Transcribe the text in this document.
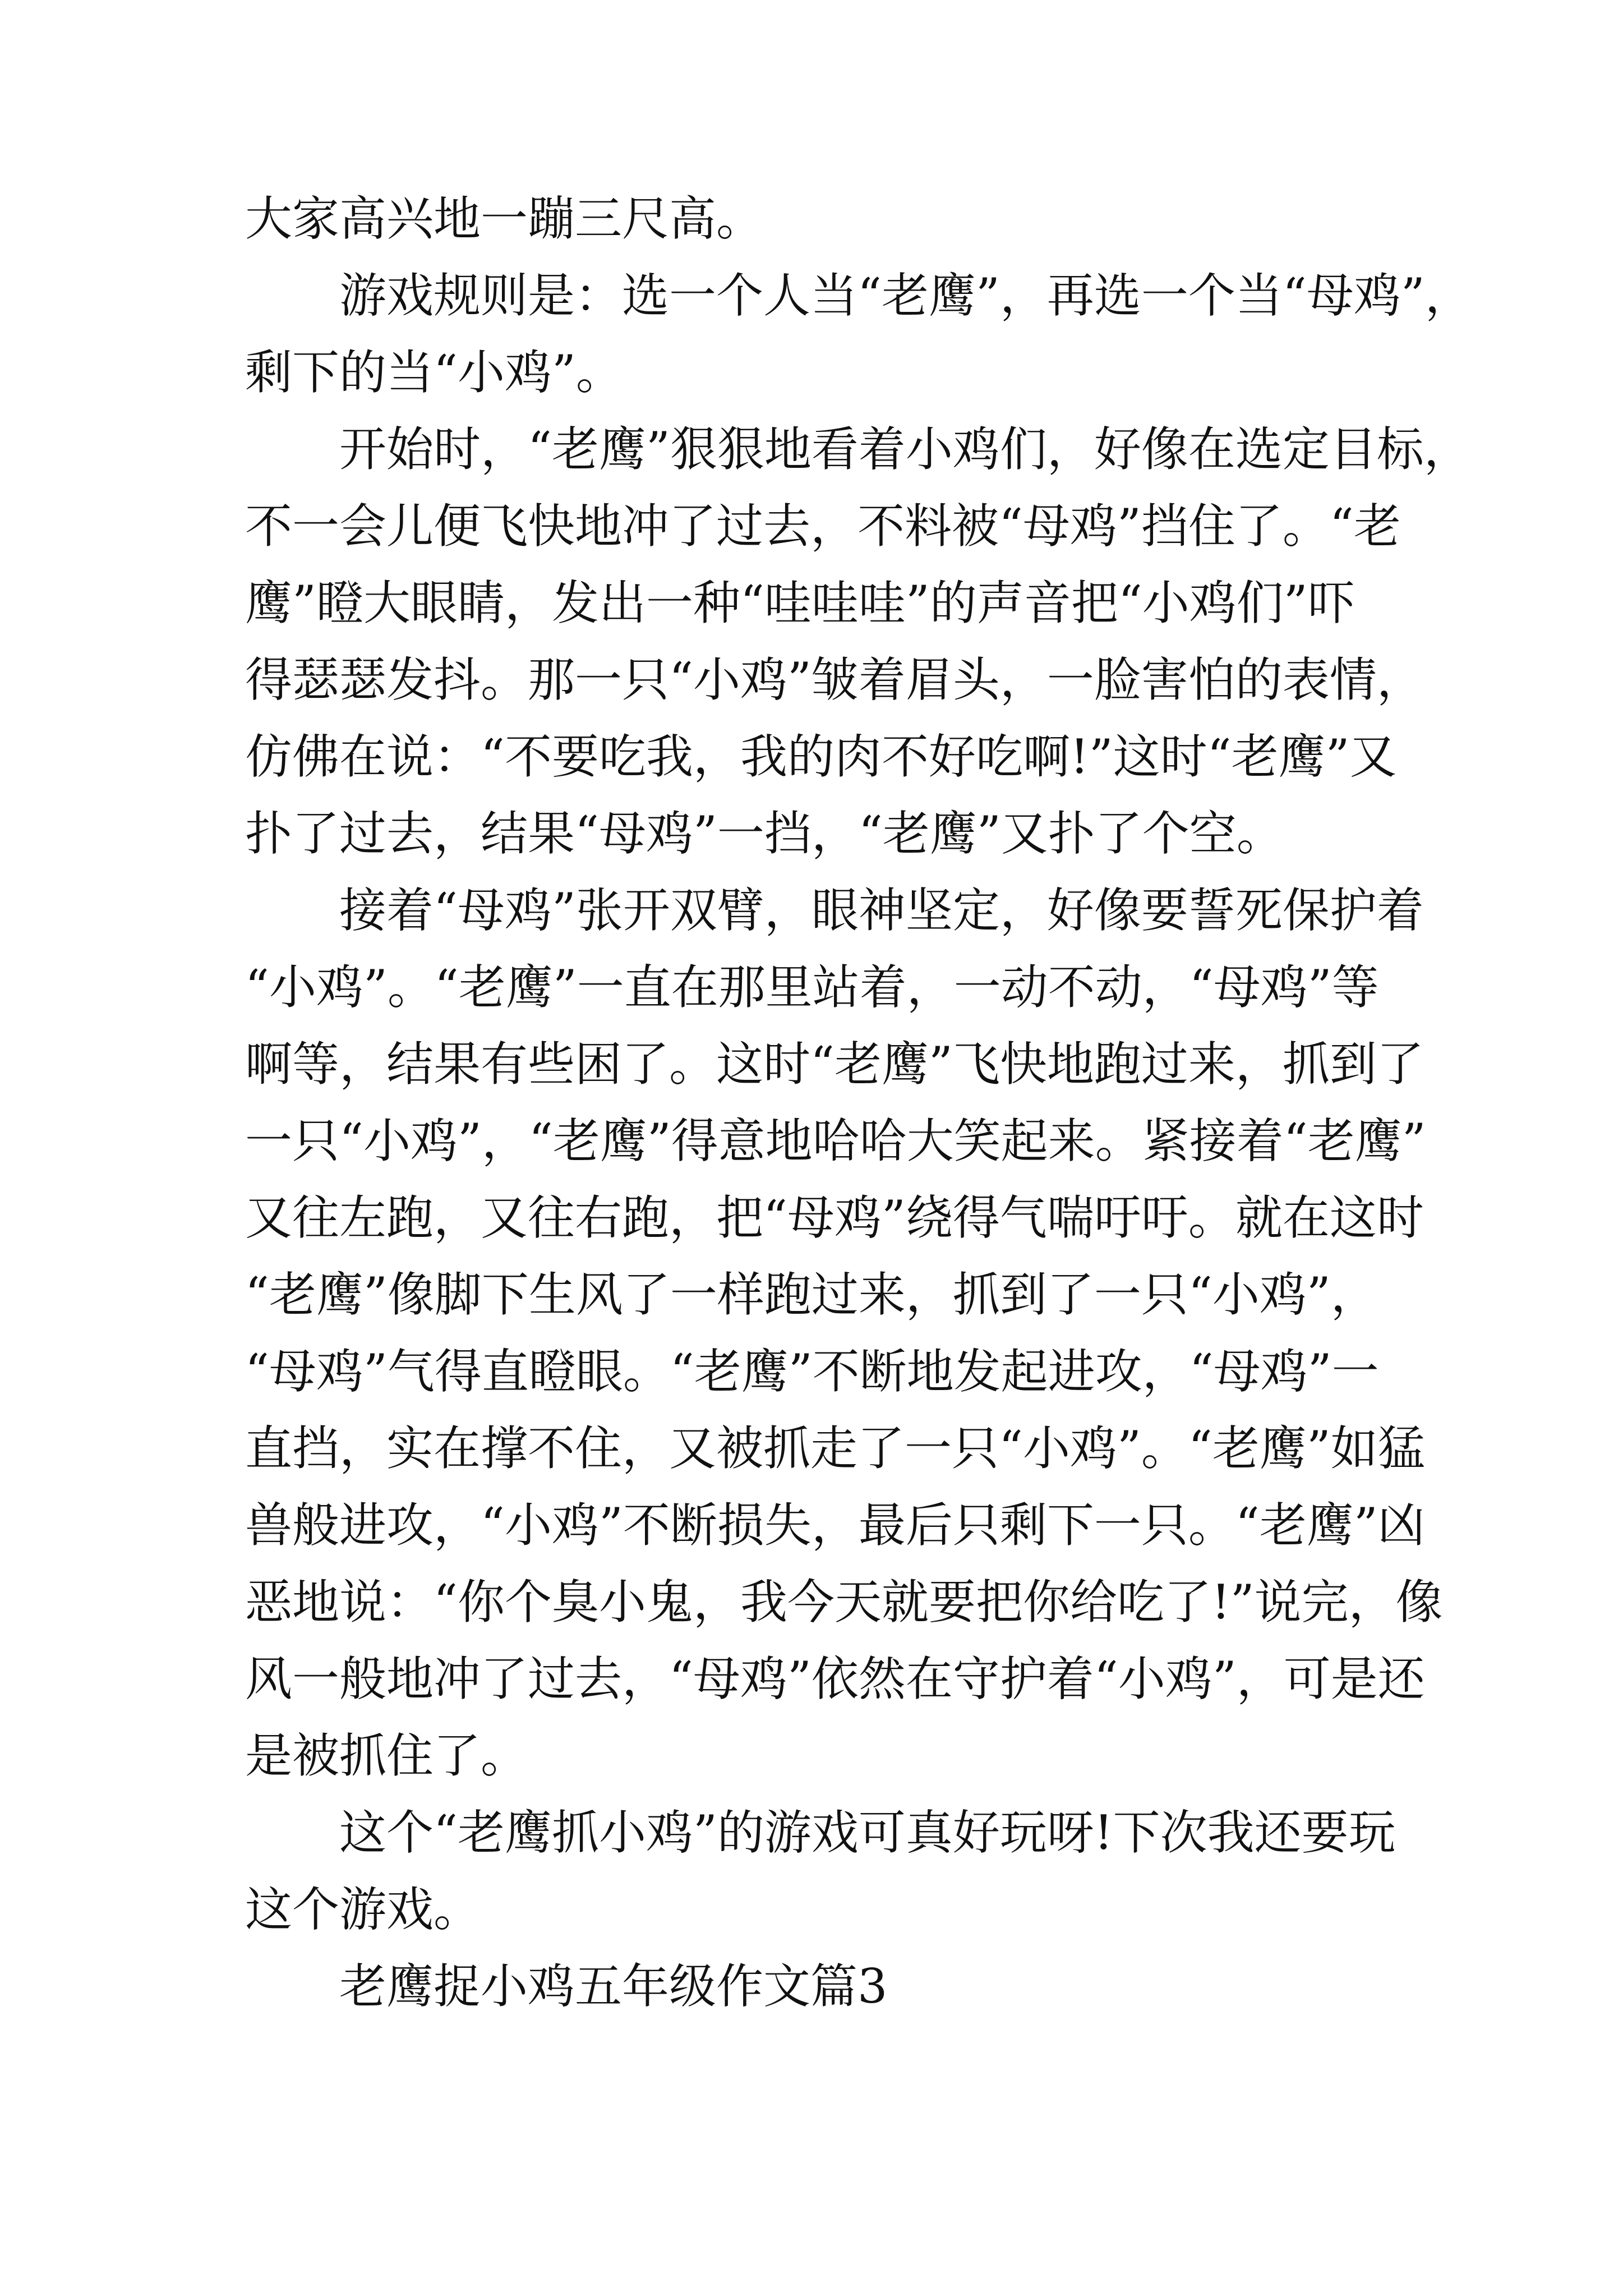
大家高兴地一蹦三尺高。
游戏规则是：选一个人当“老鹰”，再选一个当“母鸡”，
剩下的当“小鸡”。
开始时，“老鹰”狠狠地看着小鸡们，好像在选定目标，
不一会儿便飞快地冲了过去，不料被“母鸡”挡住了。“老
鹰”瞪大眼睛，发出一种“哇哇哇”的声音把“小鸡们”吓
得瑟瑟发抖。那一只“小鸡”皱着眉头，一脸害怕的表情，
仿佛在说：“不要吃我，我的肉不好吃啊!”这时“老鹰”又
扑了过去，结果“母鸡”一挡，“老鹰”又扑了个空。
接着“母鸡”张开双臂，眼神坚定，好像要誓死保护着
“小鸡”。“老鹰”一直在那里站着，一动不动，“母鸡”等
啊等，结果有些困了。这时“老鹰”飞快地跑过来，抓到了
一只“小鸡”，“老鹰”得意地哈哈大笑起来。紧接着“老鹰”
又往左跑，又往右跑，把“母鸡”绕得气喘吁吁。就在这时
“老鹰”像脚下生风了一样跑过来，抓到了一只“小鸡”，
“母鸡”气得直瞪眼。“老鹰”不断地发起进攻，“母鸡”一
直挡，实在撑不住，又被抓走了一只“小鸡”。“老鹰”如猛
兽般进攻，“小鸡”不断损失，最后只剩下一只。“老鹰”凶
恶地说：“你个臭小鬼，我今天就要把你给吃了!”说完，像
风一般地冲了过去，“母鸡”依然在守护着“小鸡”，可是还
是被抓住了。
这个“老鹰抓小鸡”的游戏可真好玩呀!下次我还要玩
这个游戏。
老鹰捉小鸡五年级作文篇3
